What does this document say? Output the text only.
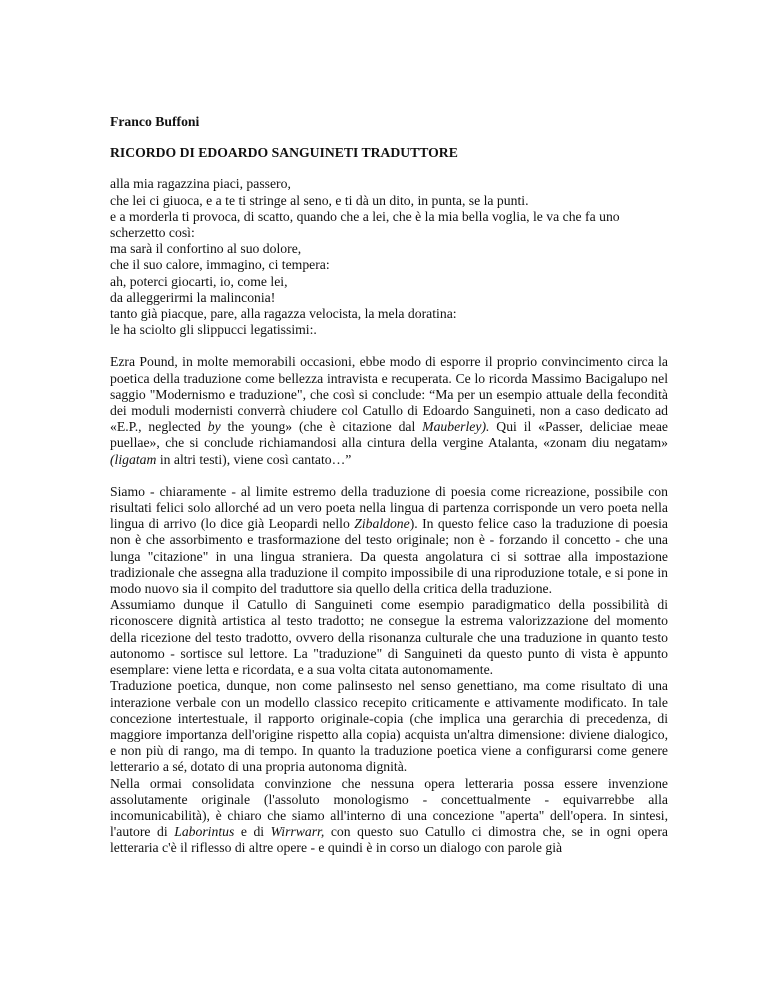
Franco Buffoni

RICORDO DI EDOARDO SANGUINETI TRADUTTORE

alla mia ragazzina piaci, passero,
che lei ci giuoca, e a te ti stringe al seno, e ti dà un dito, in punta, se la punti.
e a morderla ti provoca, di scatto, quando che a lei, che è la mia bella voglia, le va che fa uno scherzetto così:
ma sarà il confortino al suo dolore,
che il suo calore, immagino, ci tempera:
ah, poterci giocarti, io, come lei,
da alleggerirmi la malinconia!
tanto già piacque, pare, alla ragazza velocista, la mela doratina:
le ha sciolto gli slippucci legatissimi:.

Ezra Pound, in molte memorabili occasioni, ebbe modo di esporre il proprio convincimento circa la poetica della traduzione come bellezza intravista e recuperata. Ce lo ricorda Massimo Bacigalupo nel saggio "Modernismo e traduzione", che così si conclude: “Ma per un esempio attuale della fecondità dei moduli modernisti converrà chiudere col Catullo di Edoardo Sanguineti, non a caso dedicato ad «E.P., neglected by the young» (che è citazione dal Mauberley). Qui il «Passer, deliciae meae puellae», che si conclude richiamandosi alla cintura della vergine Atalanta, «zonam diu negatam» (ligatam in altri testi), viene così cantato…”

Siamo - chiaramente - al limite estremo della traduzione di poesia come ricreazione, possibile con risultati felici solo allorché ad un vero poeta nella lingua di partenza corrisponde un vero poeta nella lingua di arrivo (lo dice già Leopardi nello Zibaldone). In questo felice caso la traduzione di poesia non è che assorbimento e trasformazione del testo originale; non è - forzando il concetto - che una lunga "citazione" in una lingua straniera. Da questa angolatura ci si sottrae alla impostazione tradizionale che assegna alla traduzione il compito impossibile di una riproduzione totale, e si pone in modo nuovo sia il compito del traduttore sia quello della critica della traduzione.

Assumiamo dunque il Catullo di Sanguineti come esempio paradigmatico della possibilità di riconoscere dignità artistica al testo tradotto; ne consegue la estrema valorizzazione del momento della ricezione del testo tradotto, ovvero della risonanza culturale che una traduzione in quanto testo autonomo - sortisce sul lettore. La "traduzione" di Sanguineti da questo punto di vista è appunto esemplare: viene letta e ricordata, e a sua volta citata autonomamente.

Traduzione poetica, dunque, non come palinsesto nel senso genettiano, ma come risultato di una interazione verbale con un modello classico recepito criticamente e attivamente modificato. In tale concezione intertestuale, il rapporto originale-copia (che implica una gerarchia di precedenza, di maggiore importanza dell'origine rispetto alla copia) acquista un'altra dimensione: diviene dialogico, e non più di rango, ma di tempo. In quanto la traduzione poetica viene a configurarsi come genere letterario a sé, dotato di una propria autonoma dignità.

Nella ormai consolidata convinzione che nessuna opera letteraria possa essere invenzione assolutamente originale (l'assoluto monologismo - concettualmente - equivarrebbe alla incomunicabilità), è chiaro che siamo all'interno di una concezione "aperta" dell'opera. In sintesi, l'autore di Laborintus e di Wirrwarr, con questo suo Catullo ci dimostra che, se in ogni opera letteraria c'è il riflesso di altre opere - e quindi è in corso un dialogo con parole già
